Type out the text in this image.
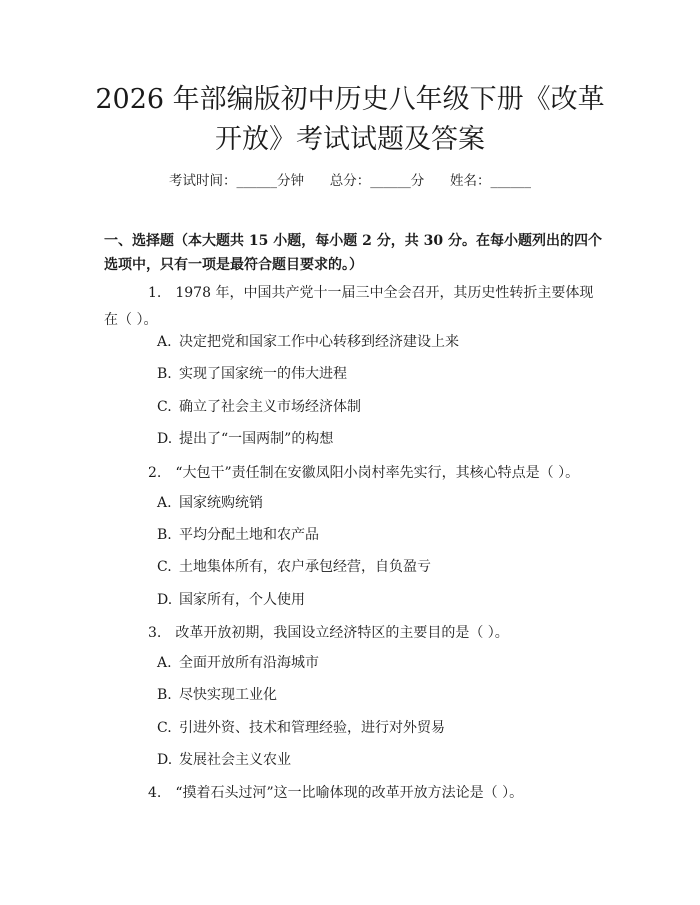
2026 年部编版初中历史八年级下册《改革开放》考试试题及答案
考试时间：______分钟      总分：______分      姓名：______
一、选择题（本大题共 15 小题，每小题 2 分，共 30 分。在每小题列出的四个选项中，只有一项是最符合题目要求的。）
1. 1978 年，中国共产党十一届三中全会召开，其历史性转折主要体现在（ ）。
A. 决定把党和国家工作中心转移到经济建设上来
B. 实现了国家统一的伟大进程
C. 确立了社会主义市场经济体制
D. 提出了“一国两制”的构想
2. “大包干”责任制在安徽凤阳小岗村率先实行，其核心特点是（ ）。
A. 国家统购统销
B. 平均分配土地和农产品
C. 土地集体所有，农户承包经营，自负盈亏
D. 国家所有，个人使用
3. 改革开放初期，我国设立经济特区的主要目的是（ ）。
A. 全面开放所有沿海城市
B. 尽快实现工业化
C. 引进外资、技术和管理经验，进行对外贸易
D. 发展社会主义农业
4. “摸着石头过河”这一比喻体现的改革开放方法论是（ ）。
